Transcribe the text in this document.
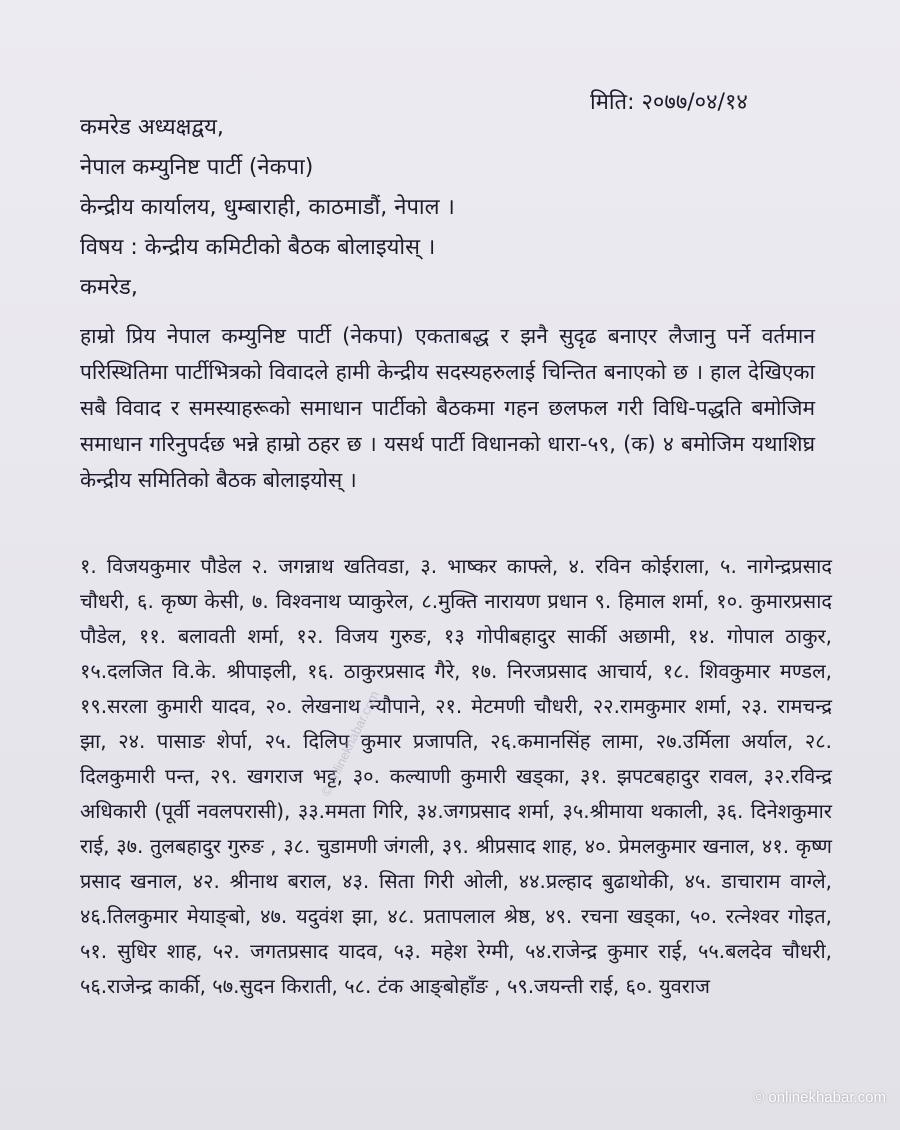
मिति: २०७७/०४/१४
कमरेड अध्यक्षद्वय,
नेपाल कम्युनिष्ट पार्टी (नेकपा)
केन्द्रीय कार्यालय, धुम्बाराही, काठमाडौं, नेपाल ।
विषय : केन्द्रीय कमिटीको बैठक बोलाइयोस् ।
कमरेड,
हाम्रो प्रिय नेपाल कम्युनिष्ट पार्टी (नेकपा) एकताबद्ध र झनै सुदृढ बनाएर लैजानु पर्ने वर्तमान परिस्थितिमा पार्टीभित्रको विवादले हामी केन्द्रीय सदस्यहरुलाई चिन्तित बनाएको छ । हाल देखिएका सबै विवाद र समस्याहरूको समाधान पार्टीको बैठकमा गहन छलफल गरी विधि-पद्धति बमोजिम समाधान गरिनुपर्दछ भन्ने हाम्रो ठहर छ । यसर्थ पार्टी विधानको धारा-५९, (क) ४ बमोजिम यथाशिघ्र केन्द्रीय समितिको बैठक बोलाइयोस् ।
१. विजयकुमार पौडेल २. जगन्नाथ खतिवडा, ३. भाष्कर काफ्ले, ४. रविन कोईराला, ५. नागेन्द्रप्रसाद चौधरी, ६. कृष्ण केसी, ७. विश्वनाथ प्याकुरेल, ८.मुक्ति नारायण प्रधान ९. हिमाल शर्मा, १०. कुमारप्रसाद पौडेल, ११. बलावती शर्मा, १२. विजय गुरुङ, १३ गोपीबहादुर सार्की अछामी, १४. गोपाल ठाकुर, १५.दलजित वि.के. श्रीपाइली, १६. ठाकुरप्रसाद गैरे, १७. निरजप्रसाद आचार्य, १८. शिवकुमार मण्डल, १९.सरला कुमारी यादव, २०. लेखनाथ न्यौपाने, २१. मेटमणी चौधरी, २२.रामकुमार शर्मा, २३. रामचन्द्र झा, २४. पासाङ शेर्पा, २५. दिलिप कुमार प्रजापति, २६.कमानसिंह लामा, २७.उर्मिला अर्याल, २८. दिलकुमारी पन्त, २९. खगराज भट्ट, ३०. कल्याणी कुमारी खड्का, ३१. झपटबहादुर रावल, ३२.रविन्द्र अधिकारी (पूर्वी नवलपरासी), ३३.ममता गिरि, ३४.जगप्रसाद शर्मा, ३५.श्रीमाया थकाली, ३६. दिनेशकुमार राई, ३७. तुलबहादुर गुरुङ , ३८. चुडामणी जंगली, ३९. श्रीप्रसाद शाह, ४०. प्रेमलकुमार खनाल, ४१. कृष्ण प्रसाद खनाल, ४२. श्रीनाथ बराल, ४३. सिता गिरी ओली, ४४.प्रल्हाद बुढाथोकी, ४५. डाचाराम वाग्ले, ४६.तिलकुमार मेयाङ्बो, ४७. यदुवंश झा, ४८. प्रतापलाल श्रेष्ठ, ४९. रचना खड्का, ५०. रत्नेश्वर गोइत, ५१. सुधिर शाह, ५२. जगतप्रसाद यादव, ५३. महेश रेग्मी, ५४.राजेन्द्र कुमार राई, ५५.बलदेव चौधरी, ५६.राजेन्द्र कार्की, ५७.सुदन किराती, ५८. टंक आङ्बोहाँङ , ५९.जयन्ती राई, ६०. युवराज
© onlinekhabar.com
© onlinekhabar.com
